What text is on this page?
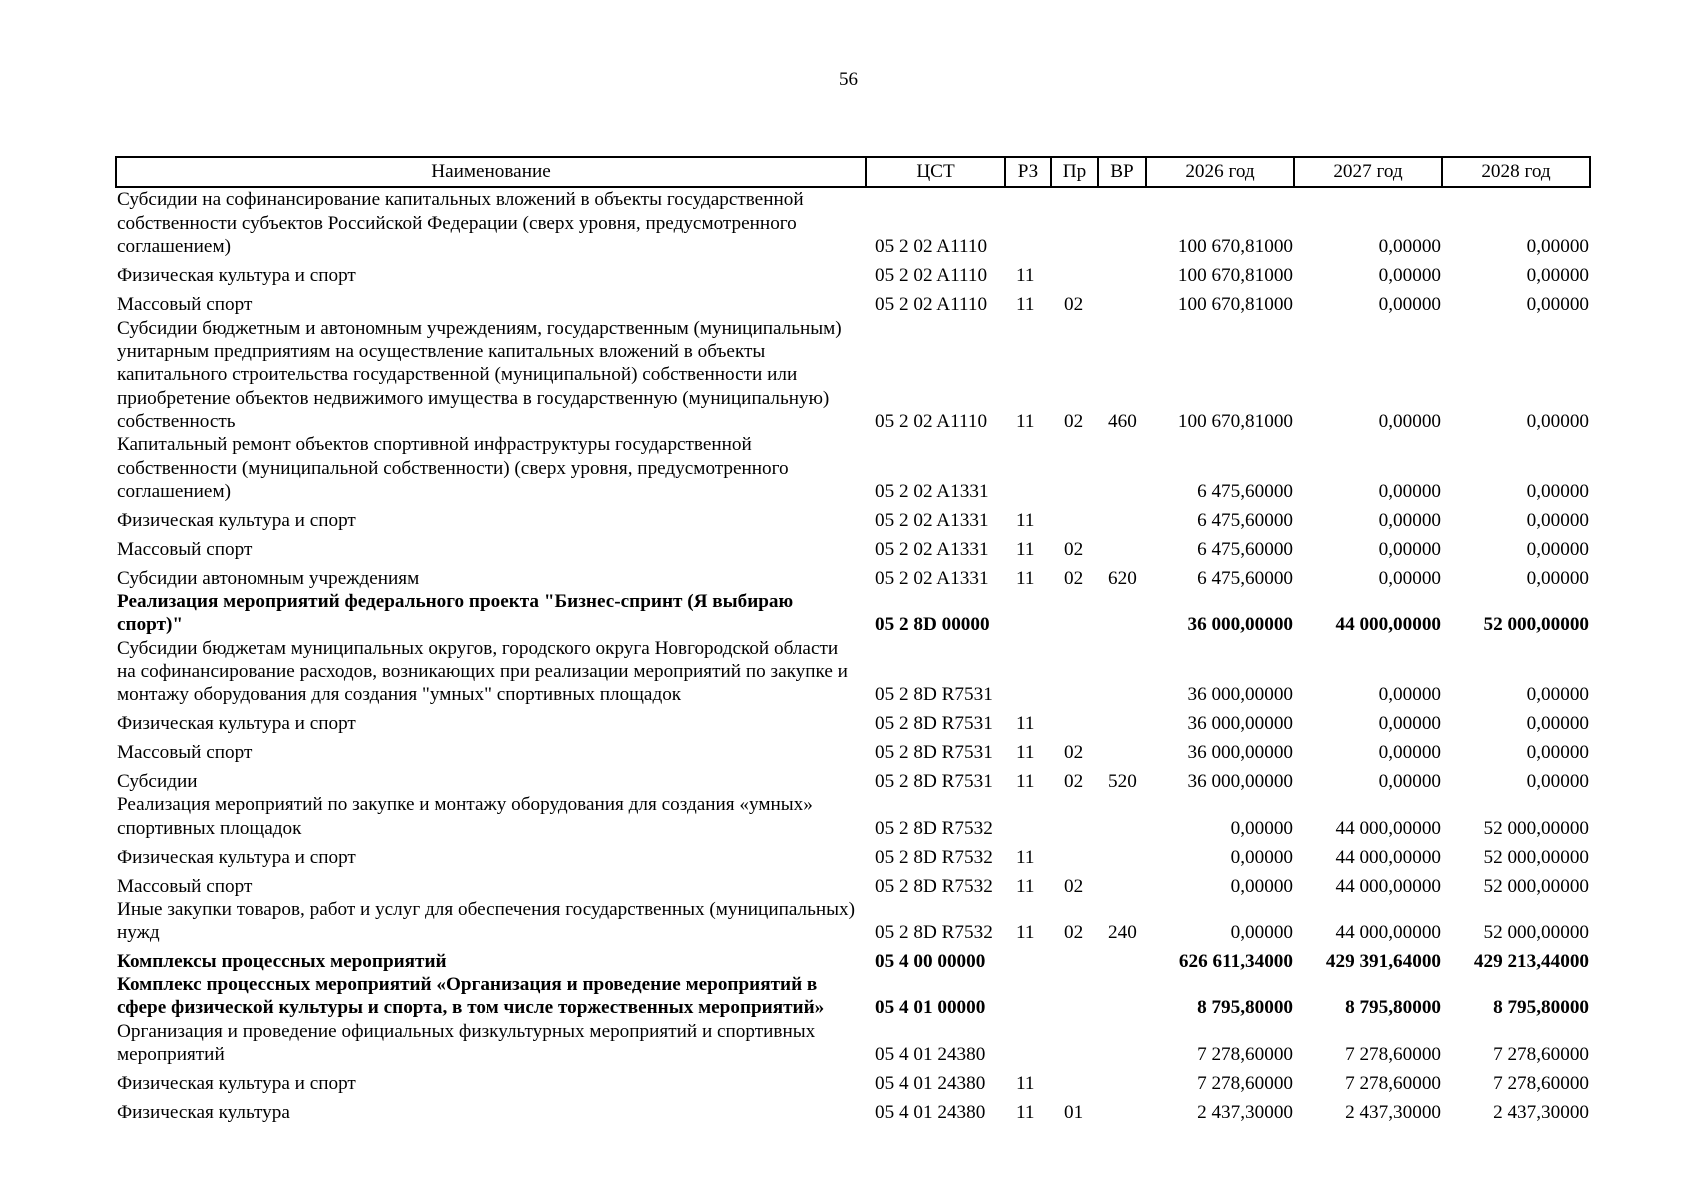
56
Наименование	ЦСТ	РЗ	Пр	ВР	2026 год	2027 год	2028 год
Субсидии на софинансирование капитальных вложений в объекты государственной собственности субъектов Российской Федерации (сверх уровня, предусмотренного соглашением)	05 2 02 A1110				100 670,81000	0,00000	0,00000
Физическая культура и спорт	05 2 02 A1110	11			100 670,81000	0,00000	0,00000
Массовый спорт	05 2 02 A1110	11	02		100 670,81000	0,00000	0,00000
Субсидии бюджетным и автономным учреждениям, государственным (муниципальным) унитарным предприятиям на осуществление капитальных вложений в объекты капитального строительства государственной (муниципальной) собственности или приобретение объектов недвижимого имущества в государственную (муниципальную) собственность	05 2 02 A1110	11	02	460	100 670,81000	0,00000	0,00000
Капитальный ремонт объектов спортивной инфраструктуры государственной собственности (муниципальной собственности) (сверх уровня, предусмотренного соглашением)	05 2 02 A1331				6 475,60000	0,00000	0,00000
Физическая культура и спорт	05 2 02 A1331	11			6 475,60000	0,00000	0,00000
Массовый спорт	05 2 02 A1331	11	02		6 475,60000	0,00000	0,00000
Субсидии автономным учреждениям	05 2 02 A1331	11	02	620	6 475,60000	0,00000	0,00000
Реализация мероприятий федерального проекта "Бизнес-спринт (Я выбираю спорт)"	05 2 8D 00000				36 000,00000	44 000,00000	52 000,00000
Субсидии бюджетам муниципальных округов, городского округа Новгородской области на софинансирование расходов, возникающих при реализации мероприятий по закупке и монтажу оборудования для создания "умных" спортивных площадок	05 2 8D R7531				36 000,00000	0,00000	0,00000
Физическая культура и спорт	05 2 8D R7531	11			36 000,00000	0,00000	0,00000
Массовый спорт	05 2 8D R7531	11	02		36 000,00000	0,00000	0,00000
Субсидии	05 2 8D R7531	11	02	520	36 000,00000	0,00000	0,00000
Реализация мероприятий по закупке и монтажу оборудования для создания «умных» спортивных площадок	05 2 8D R7532				0,00000	44 000,00000	52 000,00000
Физическая культура и спорт	05 2 8D R7532	11			0,00000	44 000,00000	52 000,00000
Массовый спорт	05 2 8D R7532	11	02		0,00000	44 000,00000	52 000,00000
Иные закупки товаров, работ и услуг для обеспечения государственных (муниципальных) нужд	05 2 8D R7532	11	02	240	0,00000	44 000,00000	52 000,00000
Комплексы процессных мероприятий	05 4 00 00000				626 611,34000	429 391,64000	429 213,44000
Комплекс процессных мероприятий «Организация и проведение мероприятий в сфере физической культуры и спорта, в том числе торжественных мероприятий»	05 4 01 00000				8 795,80000	8 795,80000	8 795,80000
Организация и проведение официальных физкультурных мероприятий и спортивных мероприятий	05 4 01 24380				7 278,60000	7 278,60000	7 278,60000
Физическая культура и спорт	05 4 01 24380	11			7 278,60000	7 278,60000	7 278,60000
Физическая культура	05 4 01 24380	11	01		2 437,30000	2 437,30000	2 437,30000
